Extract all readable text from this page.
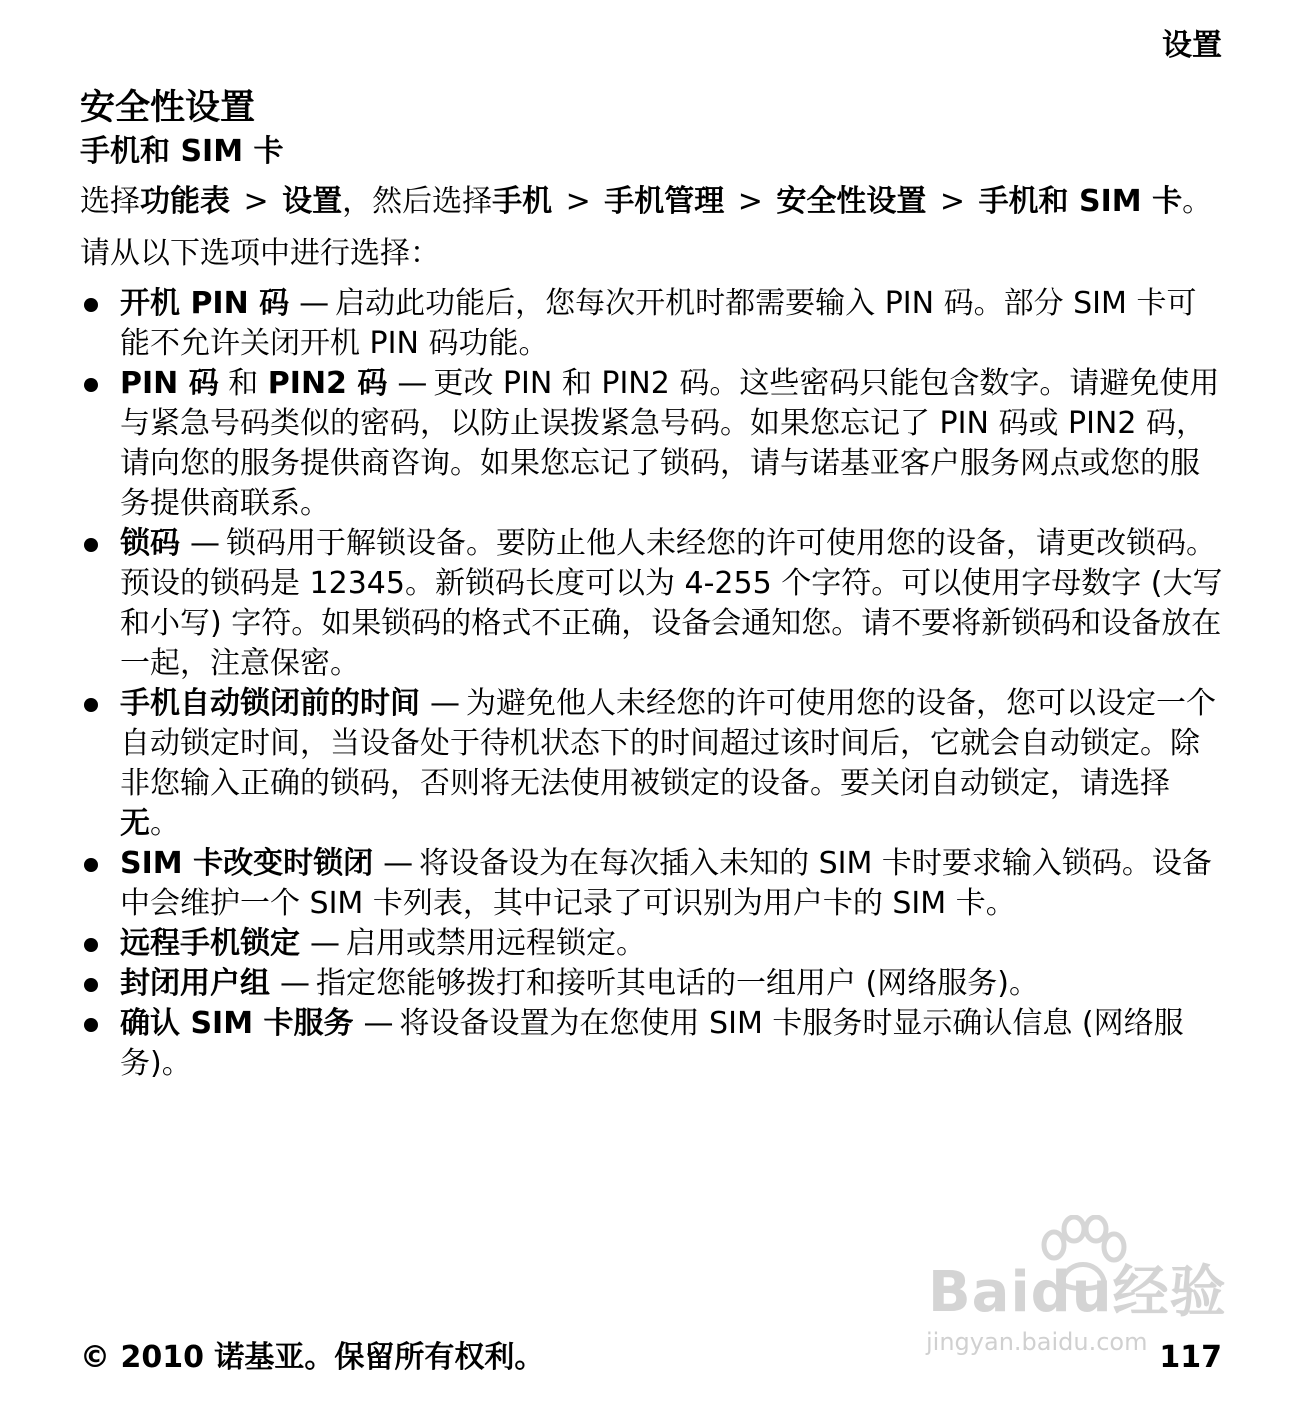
设置

安全性设置
手机和 SIM 卡

选择功能表 > 设置，然后选择手机 > 手机管理 > 安全性设置 > 手机和 SIM 卡。

请从以下选项中进行选择：

开机 PIN 码 — 启动此功能后，您每次开机时都需要输入 PIN 码。部分 SIM 卡可能不允许关闭开机 PIN 码功能。
PIN 码 和 PIN2 码 — 更改 PIN 和 PIN2 码。这些密码只能包含数字。请避免使用与紧急号码类似的密码，以防止误拨紧急号码。如果您忘记了 PIN 码或 PIN2 码，请向您的服务提供商咨询。如果您忘记了锁码，请与诺基亚客户服务网点或您的服务提供商联系。
锁码 — 锁码用于解锁设备。要防止他人未经您的许可使用您的设备，请更改锁码。预设的锁码是 12345。新锁码长度可以为 4-255 个字符。可以使用字母数字 (大写和小写) 字符。如果锁码的格式不正确，设备会通知您。请不要将新锁码和设备放在一起，注意保密。
手机自动锁闭前的时间 — 为避免他人未经您的许可使用您的设备，您可以设定一个自动锁定时间，当设备处于待机状态下的时间超过该时间后，它就会自动锁定。除非您输入正确的锁码，否则将无法使用被锁定的设备。要关闭自动锁定，请选择无。
SIM 卡改变时锁闭 — 将设备设为在每次插入未知的 SIM 卡时要求输入锁码。设备中会维护一个 SIM 卡列表，其中记录了可识别为用户卡的 SIM 卡。
远程手机锁定 — 启用或禁用远程锁定。
封闭用户组 — 指定您能够拨打和接听其电话的一组用户 (网络服务)。
确认 SIM 卡服务 — 将设备设置为在您使用 SIM 卡服务时显示确认信息 (网络服务)。
Baidu经验
jingyan.baidu.com

© 2010 诺基亚。保留所有权利。	117
